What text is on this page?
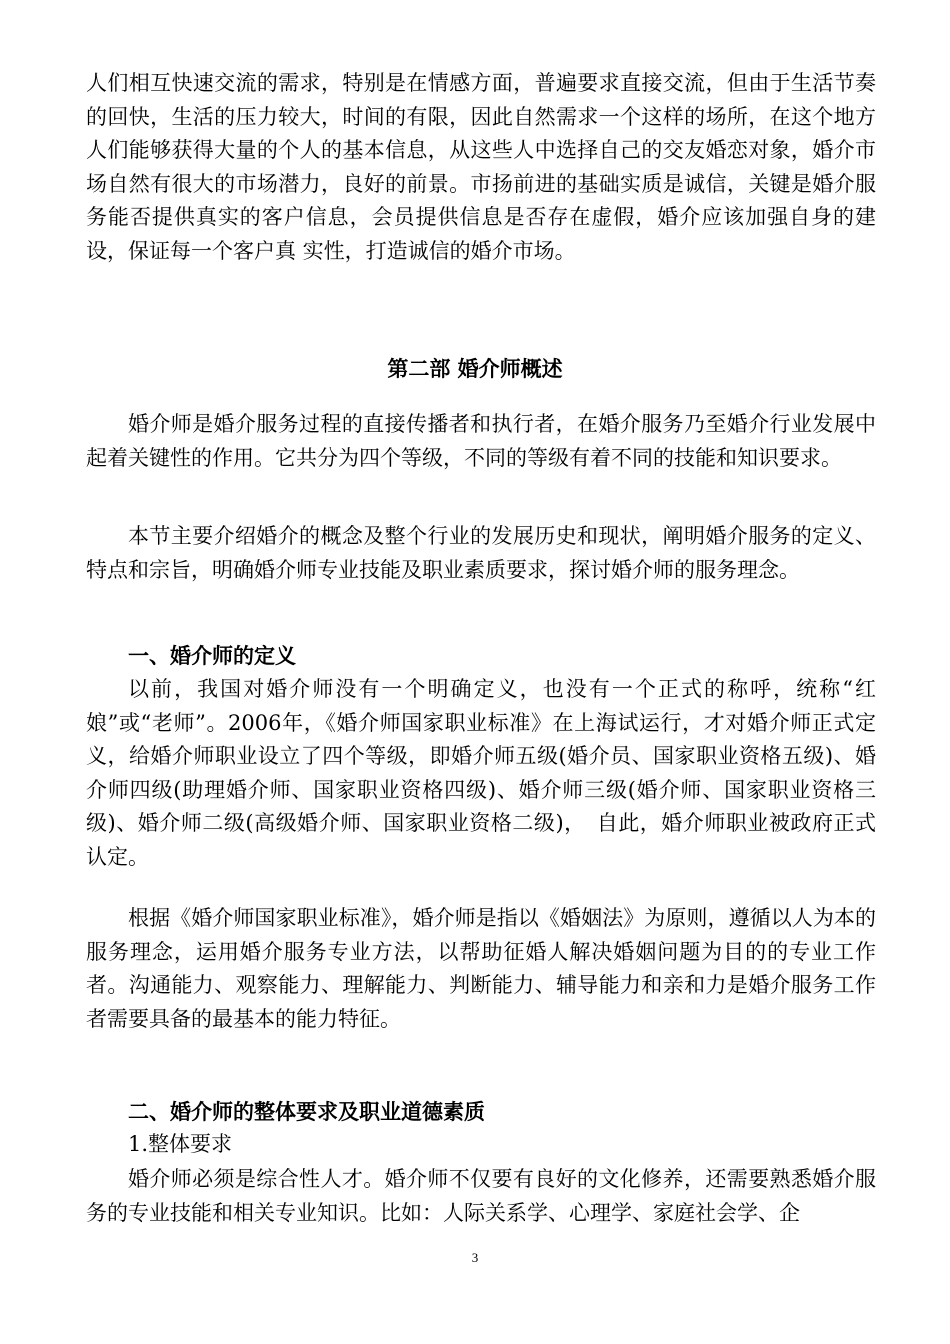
人们相互快速交流的需求，特别是在情感方面，普遍要求直接交流，但由于生活节奏的回快，生活的压力较大，时间的有限，因此自然需求一个这样的场所，在这个地方人们能够获得大量的个人的基本信息，从这些人中选择自己的交友婚恋对象，婚介市场自然有很大的市场潜力，良好的前景。市扬前进的基础实质是诚信，关键是婚介服务能否提供真实的客户信息，会员提供信息是否存在虚假，婚介应该加强自身的建设，保证每一个客户真 实性，打造诚信的婚介市场。

第二部 婚介师概述

婚介师是婚介服务过程的直接传播者和执行者，在婚介服务乃至婚介行业发展中起着关键性的作用。它共分为四个等级，不同的等级有着不同的技能和知识要求。

本节主要介绍婚介的概念及整个行业的发展历史和现状，阐明婚介服务的定义、特点和宗旨，明确婚介师专业技能及职业素质要求，探讨婚介师的服务理念。

一、婚介师的定义

以前，我国对婚介师没有一个明确定义，也没有一个正式的称呼，统称“红娘”或“老师”。2006年，《婚介师国家职业标准》在上海试运行，才对婚介师正式定义，给婚介师职业设立了四个等级，即婚介师五级(婚介员、国家职业资格五级)、婚介师四级(助理婚介师、国家职业资格四级)、婚介师三级(婚介师、国家职业资格三级)、婚介师二级(高级婚介师、国家职业资格二级)，　自此，婚介师职业被政府正式认定。

根据《婚介师国家职业标准》，婚介师是指以《婚姻法》为原则，遵循以人为本的服务理念，运用婚介服务专业方法，以帮助征婚人解决婚姻问题为目的的专业工作者。沟通能力、观察能力、理解能力、判断能力、辅导能力和亲和力是婚介服务工作者需要具备的最基本的能力特征。

二、婚介师的整体要求及职业道德素质

1.整体要求

婚介师必须是综合性人才。婚介师不仅要有良好的文化修养，还需要熟悉婚介服务的专业技能和相关专业知识。比如：人际关系学、心理学、家庭社会学、企

3
